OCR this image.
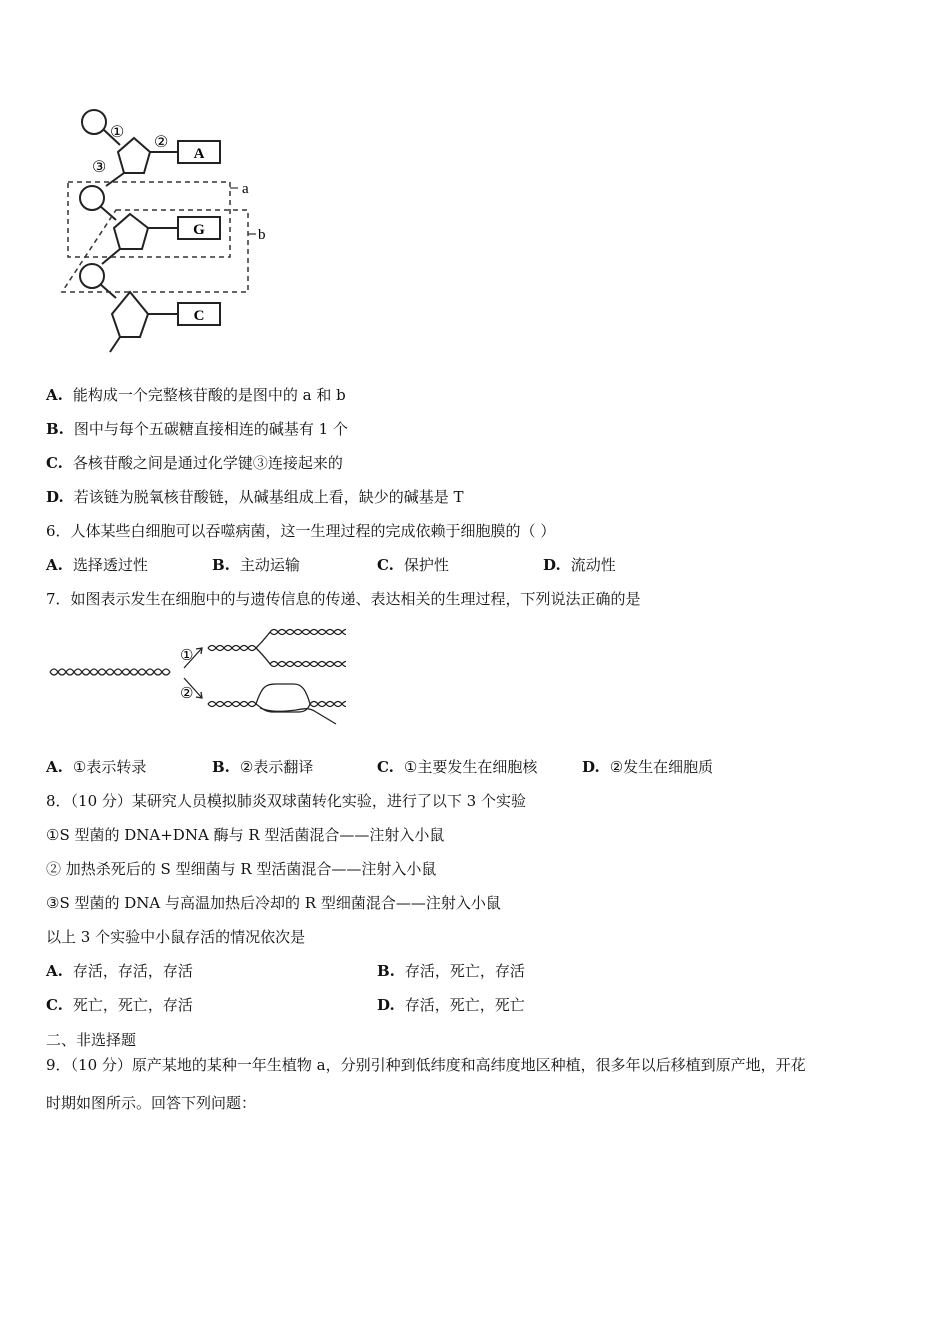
①
②
③
a
b
A
G
C
A. 能构成一个完整核苷酸的是图中的 a 和 b
B. 图中与每个五碳糖直接相连的碱基有 1 个
C. 各核苷酸之间是通过化学键③连接起来的
D. 若该链为脱氧核苷酸链，从碱基组成上看，缺少的碱基是 T
6．人体某些白细胞可以吞噬病菌，这一生理过程的完成依赖于细胞膜的（ ）
A. 选择透过性	B. 主动运输	C. 保护性	D. 流动性
7．如图表示发生在细胞中的与遗传信息的传递、表达相关的生理过程，下列说法正确的是
①
②
A. ①表示转录	B. ②表示翻译	C. ①主要发生在细胞核	D. ②发生在细胞质
8．（10 分）某研究人员模拟肺炎双球菌转化实验，进行了以下 3 个实验
①S 型菌的 DNA+DNA 酶与 R 型活菌混合——注射入小鼠
② 加热杀死后的 S 型细菌与 R 型活菌混合——注射入小鼠
③S 型菌的 DNA 与高温加热后冷却的 R 型细菌混合——注射入小鼠
以上 3 个实验中小鼠存活的情况依次是
A. 存活，存活，存活	B. 存活，死亡，存活
C. 死亡，死亡，存活	D. 存活，死亡，死亡
二、非选择题
9．（10 分）原产某地的某种一年生植物 a，分别引种到低纬度和高纬度地区种植，很多年以后移植到原产地，开花
时期如图所示。回答下列问题：
